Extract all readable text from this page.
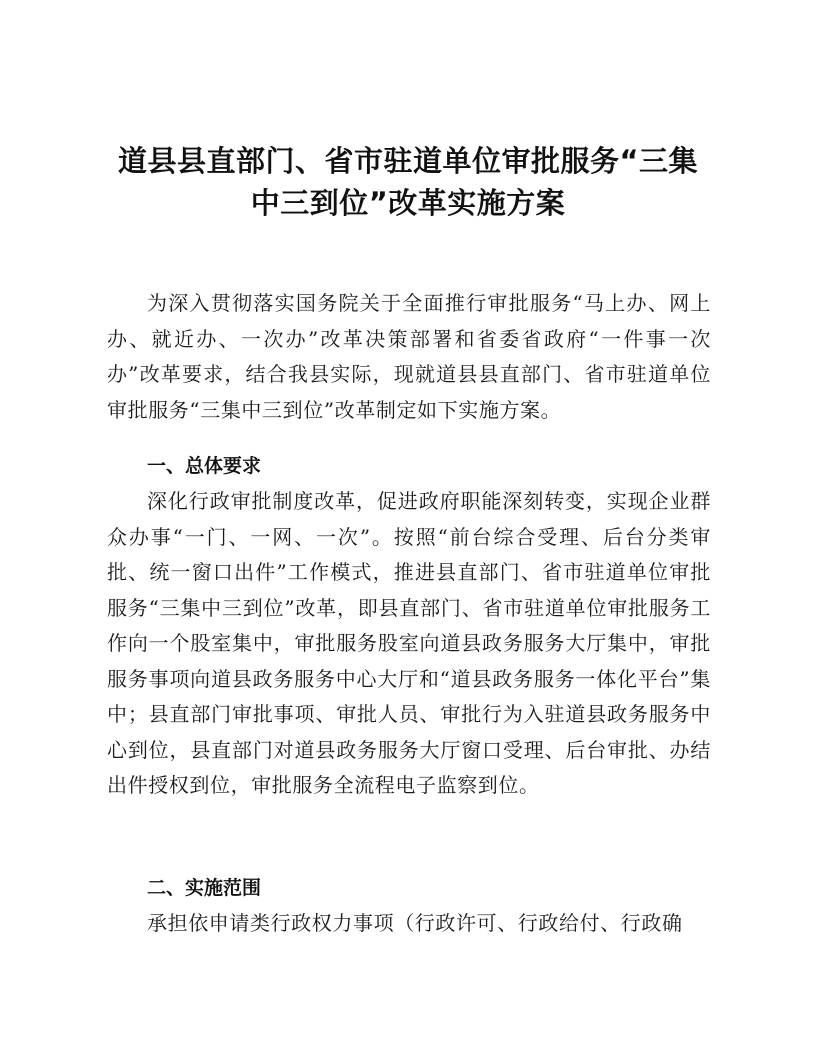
道县县直部门、省市驻道单位审批服务“三集
中三到位”改革实施方案

为深入贯彻落实国务院关于全面推行审批服务“马上办、网上办、就近办、一次办”改革决策部署和省委省政府“一件事一次办”改革要求，结合我县实际，现就道县县直部门、省市驻道单位审批服务“三集中三到位”改革制定如下实施方案。

一、总体要求

深化行政审批制度改革，促进政府职能深刻转变，实现企业群众办事“一门、一网、一次”。按照“前台综合受理、后台分类审批、统一窗口出件”工作模式，推进县直部门、省市驻道单位审批服务“三集中三到位”改革，即县直部门、省市驻道单位审批服务工作向一个股室集中，审批服务股室向道县政务服务大厅集中，审批服务事项向道县政务服务中心大厅和“道县政务服务一体化平台”集中；县直部门审批事项、审批人员、审批行为入驻道县政务服务中心到位，县直部门对道县政务服务大厅窗口受理、后台审批、办结出件授权到位，审批服务全流程电子监察到位。

二、实施范围

承担依申请类行政权力事项（行政许可、行政给付、行政确
